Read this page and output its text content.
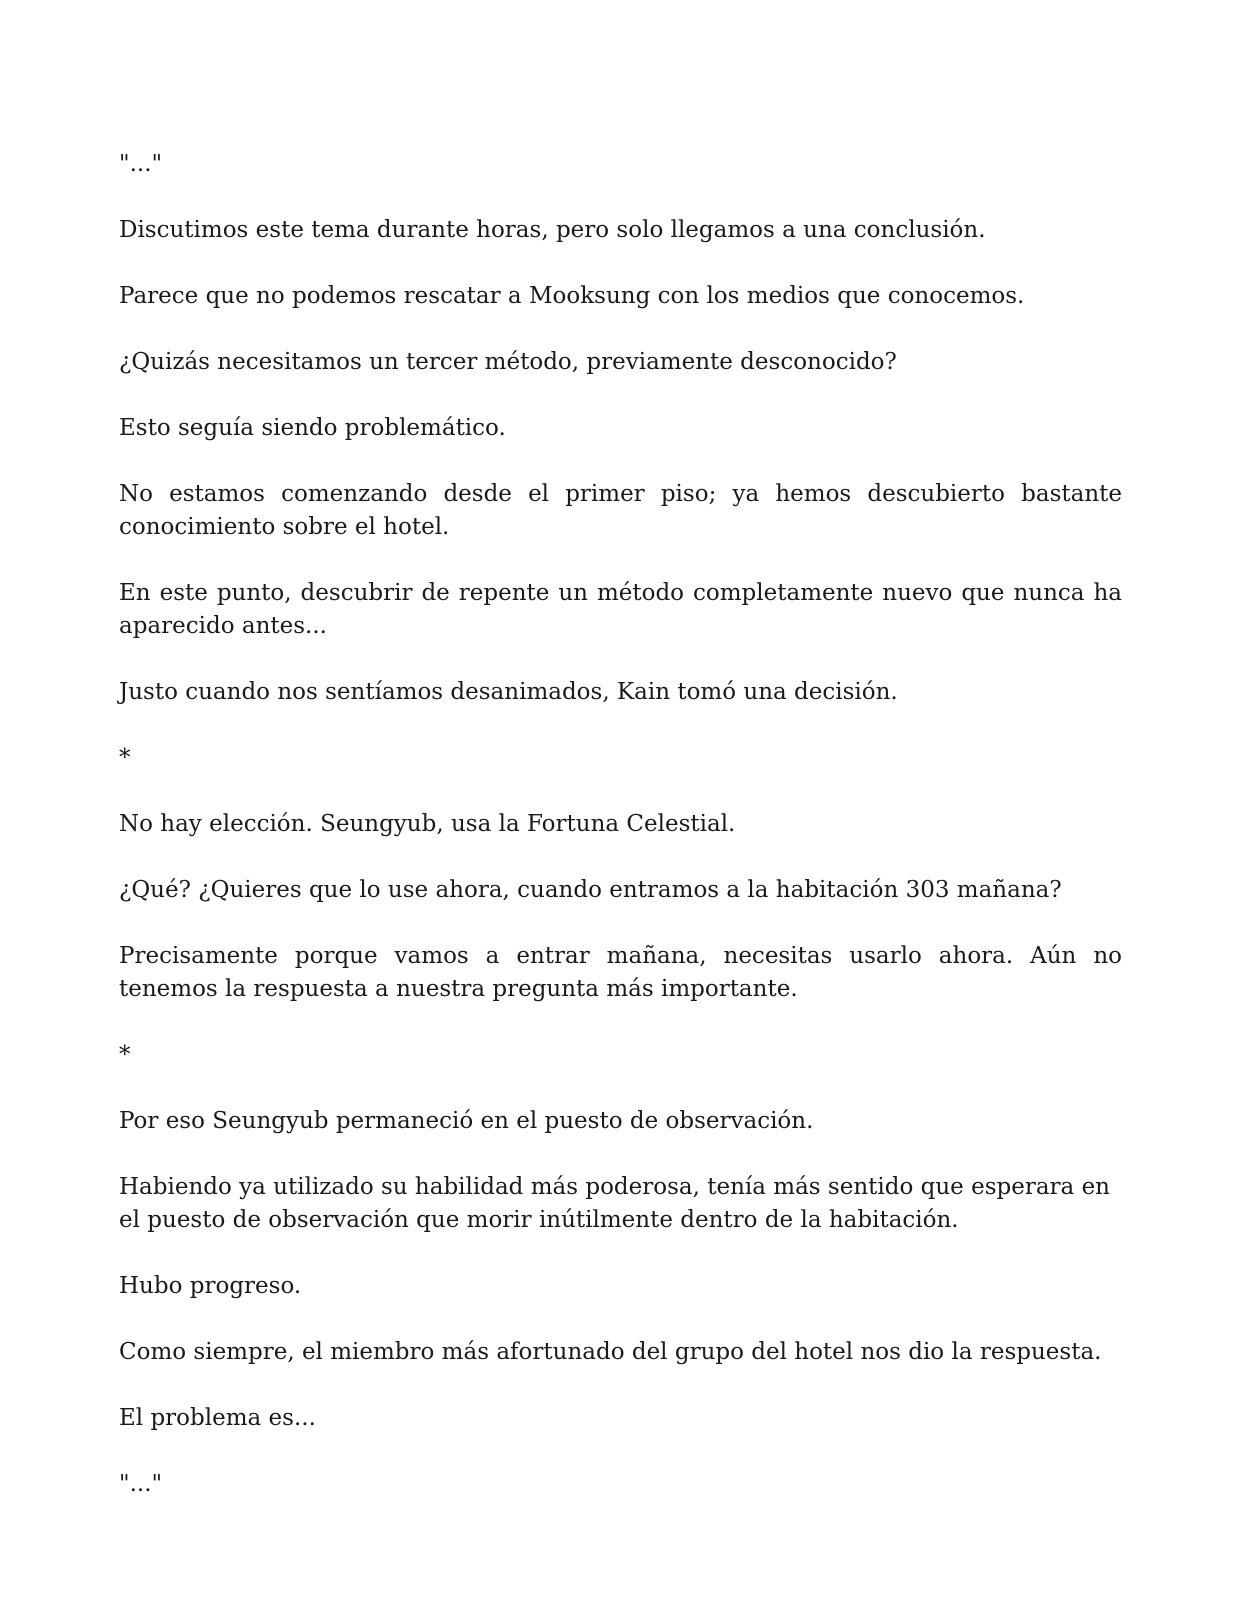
"..."

Discutimos este tema durante horas, pero solo llegamos a una conclusión.

Parece que no podemos rescatar a Mooksung con los medios que conocemos.

¿Quizás necesitamos un tercer método, previamente desconocido?

Esto seguía siendo problemático.

No estamos comenzando desde el primer piso; ya hemos descubierto bastante conocimiento sobre el hotel.

En este punto, descubrir de repente un método completamente nuevo que nunca ha aparecido antes...

Justo cuando nos sentíamos desanimados, Kain tomó una decisión.

*

No hay elección. Seungyub, usa la Fortuna Celestial.

¿Qué? ¿Quieres que lo use ahora, cuando entramos a la habitación 303 mañana?

Precisamente porque vamos a entrar mañana, necesitas usarlo ahora. Aún no tenemos la respuesta a nuestra pregunta más importante.

*

Por eso Seungyub permaneció en el puesto de observación.

Habiendo ya utilizado su habilidad más poderosa, tenía más sentido que esperara en el puesto de observación que morir inútilmente dentro de la habitación.

Hubo progreso.

Como siempre, el miembro más afortunado del grupo del hotel nos dio la respuesta.

El problema es...

"..."
